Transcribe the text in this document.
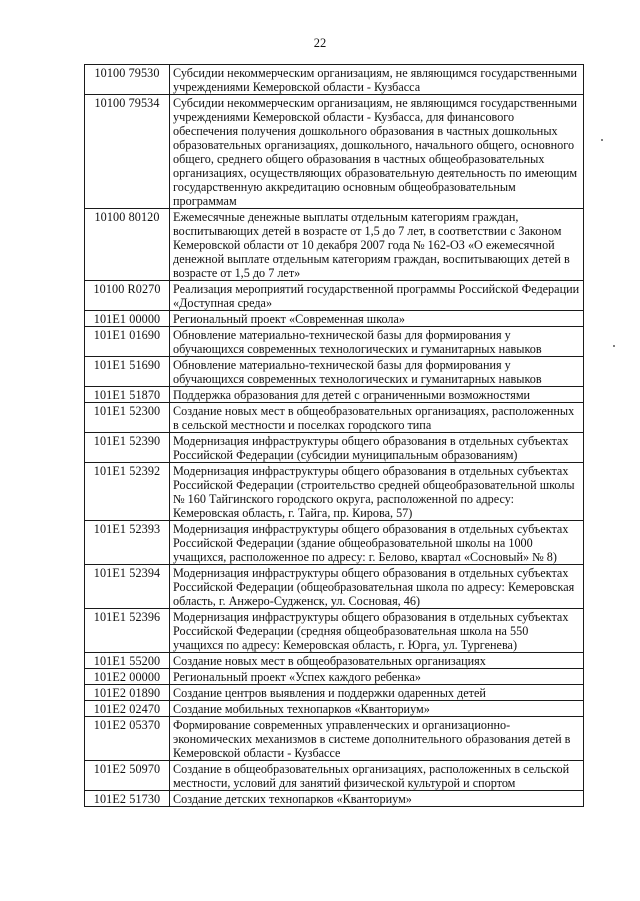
22
10100 79530	Субсидии некоммерческим организациям, не являющимся государственными учреждениями Кемеровской области - Кузбасса
10100 79534	Субсидии некоммерческим организациям, не являющимся государственными учреждениями Кемеровской области - Кузбасса, для финансового обеспечения получения дошкольного образования в частных дошкольных образовательных организациях, дошкольного, начального общего, основного общего, среднего общего образования в частных общеобразовательных организациях, осуществляющих образовательную деятельность по имеющим государственную аккредитацию основным общеобразовательным программам
10100 80120	Ежемесячные денежные выплаты отдельным категориям граждан, воспитывающих детей в возрасте от 1,5 до 7 лет, в соответствии с Законом Кемеровской области от 10 декабря 2007 года № 162-ОЗ «О ежемесячной денежной выплате отдельным категориям граждан, воспитывающих детей в возрасте от 1,5 до 7 лет»
10100 R0270	Реализация мероприятий государственной программы Российской Федерации «Доступная среда»
101E1 00000	Региональный проект «Современная школа»
101E1 01690	Обновление материально-технической базы для формирования у обучающихся современных технологических и гуманитарных навыков
101E1 51690	Обновление материально-технической базы для формирования у обучающихся современных технологических и гуманитарных навыков
101E1 51870	Поддержка образования для детей с ограниченными возможностями
101E1 52300	Создание новых мест в общеобразовательных организациях, расположенных в сельской местности и поселках городского типа
101E1 52390	Модернизация инфраструктуры общего образования в отдельных субъектах Российской Федерации (субсидии муниципальным образованиям)
101E1 52392	Модернизация инфраструктуры общего образования в отдельных субъектах Российской Федерации (строительство средней общеобразовательной школы № 160 Тайгинского городского округа, расположенной по адресу: Кемеровская область, г. Тайга, пр. Кирова, 57)
101E1 52393	Модернизация инфраструктуры общего образования в отдельных субъектах Российской Федерации (здание общеобразовательной школы на 1000 учащихся, расположенное по адресу: г. Белово, квартал «Сосновый» № 8)
101E1 52394	Модернизация инфраструктуры общего образования в отдельных субъектах Российской Федерации (общеобразовательная школа по адресу: Кемеровская область, г. Анжеро-Судженск, ул. Сосновая, 46)
101E1 52396	Модернизация инфраструктуры общего образования в отдельных субъектах Российской Федерации (средняя общеобразовательная школа на 550 учащихся по адресу: Кемеровская область, г. Юрга, ул. Тургенева)
101E1 55200	Создание новых мест в общеобразовательных организациях
101E2 00000	Региональный проект «Успех каждого ребенка»
101E2 01890	Создание центров выявления и поддержки одаренных детей
101E2 02470	Создание мобильных технопарков «Кванториум»
101E2 05370	Формирование современных управленческих и организационно-экономических механизмов в системе дополнительного образования детей в Кемеровской области - Кузбассе
101E2 50970	Создание в общеобразовательных организациях, расположенных в сельской местности, условий для занятий физической культурой и спортом
101E2 51730	Создание детских технопарков «Кванториум»
